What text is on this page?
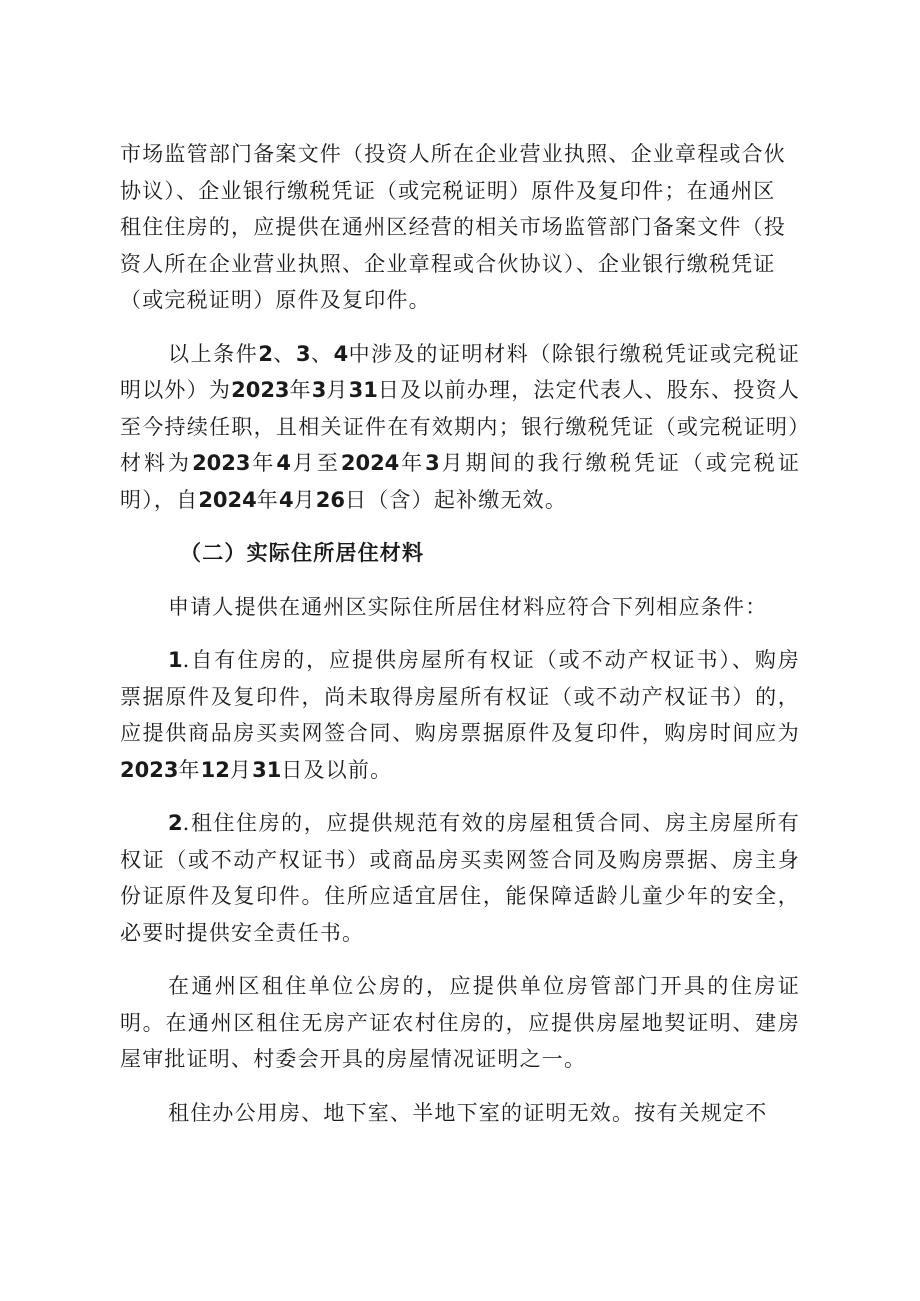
市场监管部门备案文件（投资人所在企业营业执照、企业章程或合伙
协议）、企业银行缴税凭证（或完税证明）原件及复印件；在通州区
租住住房的，应提供在通州区经营的相关市场监管部门备案文件（投
资人所在企业营业执照、企业章程或合伙协议）、企业银行缴税凭证
（或完税证明）原件及复印件。

以上条件2、3、4中涉及的证明材料（除银行缴税凭证或完税证明以外）为2023年3月31日及以前办理，法定代表人、股东、投资人至今持续任职，且相关证件在有效期内；银行缴税凭证（或完税证明）材料为2023年4月至2024年3月期间的我行缴税凭证（或完税证明），自2024年4月26日（含）起补缴无效。

（二）实际住所居住材料

申请人提供在通州区实际住所居住材料应符合下列相应条件：

1.自有住房的，应提供房屋所有权证（或不动产权证书）、购房票据原件及复印件，尚未取得房屋所有权证（或不动产权证书）的，应提供商品房买卖网签合同、购房票据原件及复印件，购房时间应为2023年12月31日及以前。

2.租住住房的，应提供规范有效的房屋租赁合同、房主房屋所有权证（或不动产权证书）或商品房买卖网签合同及购房票据、房主身份证原件及复印件。住所应适宜居住，能保障适龄儿童少年的安全，必要时提供安全责任书。

在通州区租住单位公房的，应提供单位房管部门开具的住房证明。在通州区租住无房产证农村住房的，应提供房屋地契证明、建房屋审批证明、村委会开具的房屋情况证明之一。

租住办公用房、地下室、半地下室的证明无效。按有关规定不
